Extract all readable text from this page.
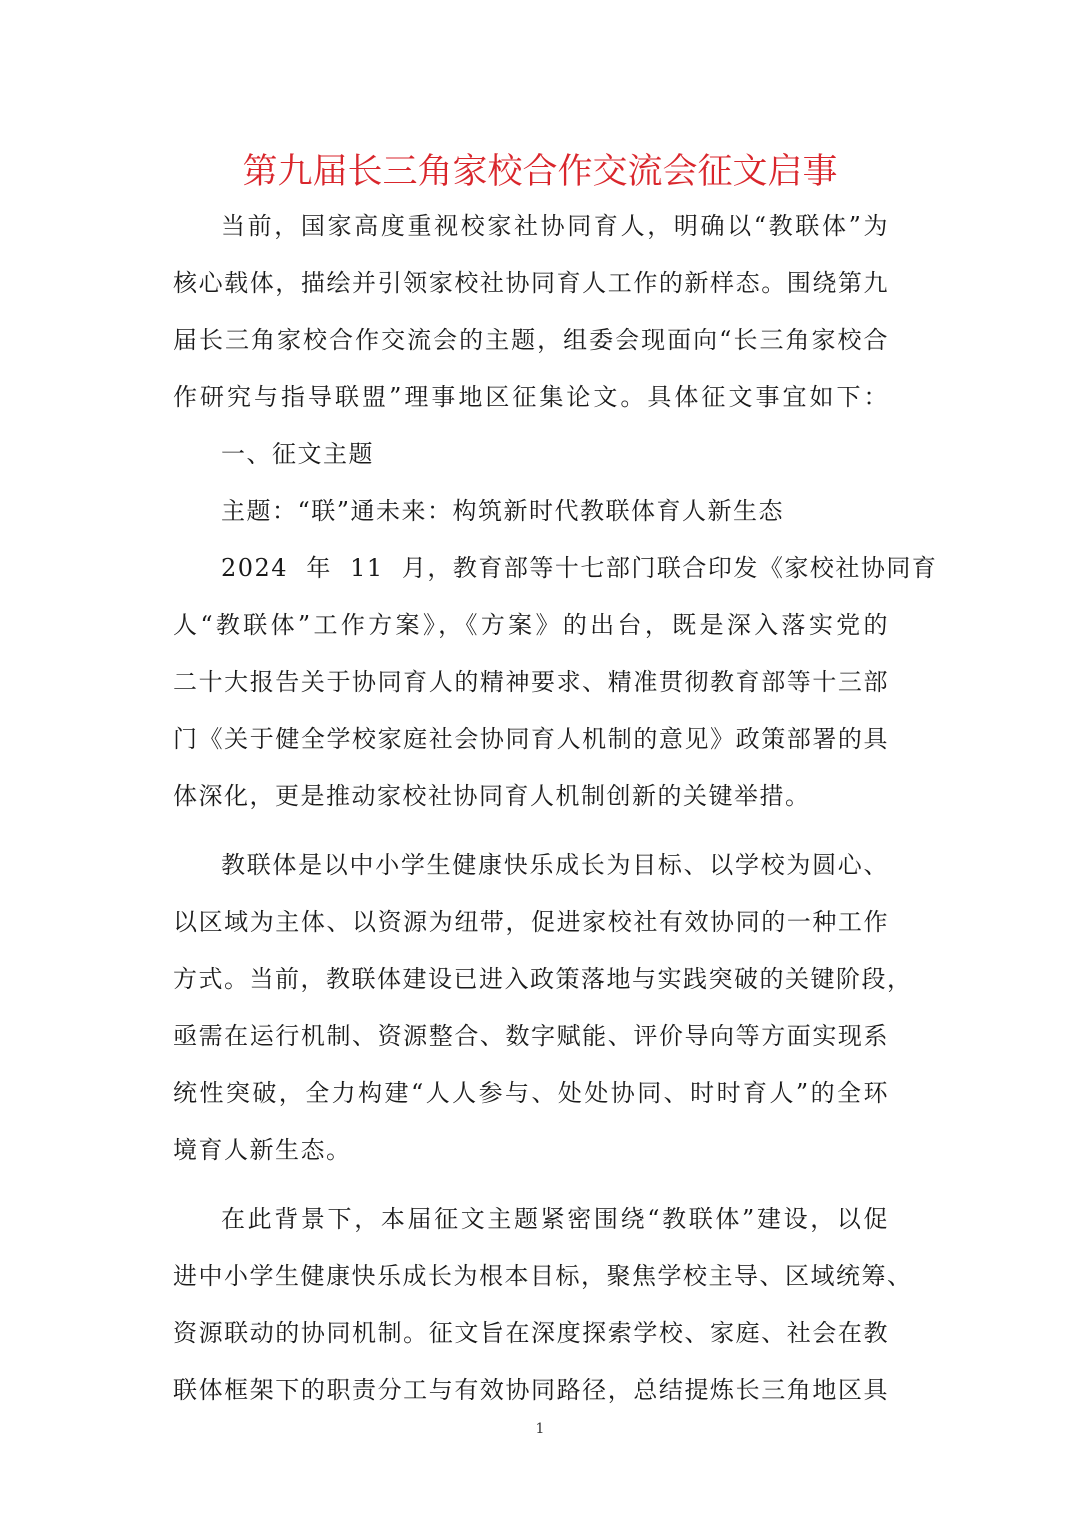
第九届长三角家校合作交流会征文启事
当前，国家高度重视校家社协同育人，明确以“教联体”为
核心载体，描绘并引领家校社协同育人工作的新样态。围绕第九
届长三角家校合作交流会的主题，组委会现面向“长三角家校合
作研究与指导联盟”理事地区征集论文。具体征文事宜如下：
一、征文主题
主题：“联”通未来：构筑新时代教联体育人新生态
2024  年  11  月，教育部等十七部门联合印发《家校社协同育
人“教联体”工作方案》，《方案》的出台，既是深入落实党的
二十大报告关于协同育人的精神要求、精准贯彻教育部等十三部
门《关于健全学校家庭社会协同育人机制的意见》政策部署的具
体深化，更是推动家校社协同育人机制创新的关键举措。
教联体是以中小学生健康快乐成长为目标、以学校为圆心、
以区域为主体、以资源为纽带，促进家校社有效协同的一种工作
方式。当前，教联体建设已进入政策落地与实践突破的关键阶段，
亟需在运行机制、资源整合、数字赋能、评价导向等方面实现系
统性突破，全力构建“人人参与、处处协同、时时育人”的全环
境育人新生态。
在此背景下，本届征文主题紧密围绕“教联体”建设，以促
进中小学生健康快乐成长为根本目标，聚焦学校主导、区域统筹、
资源联动的协同机制。征文旨在深度探索学校、家庭、社会在教
联体框架下的职责分工与有效协同路径，总结提炼长三角地区具
1
